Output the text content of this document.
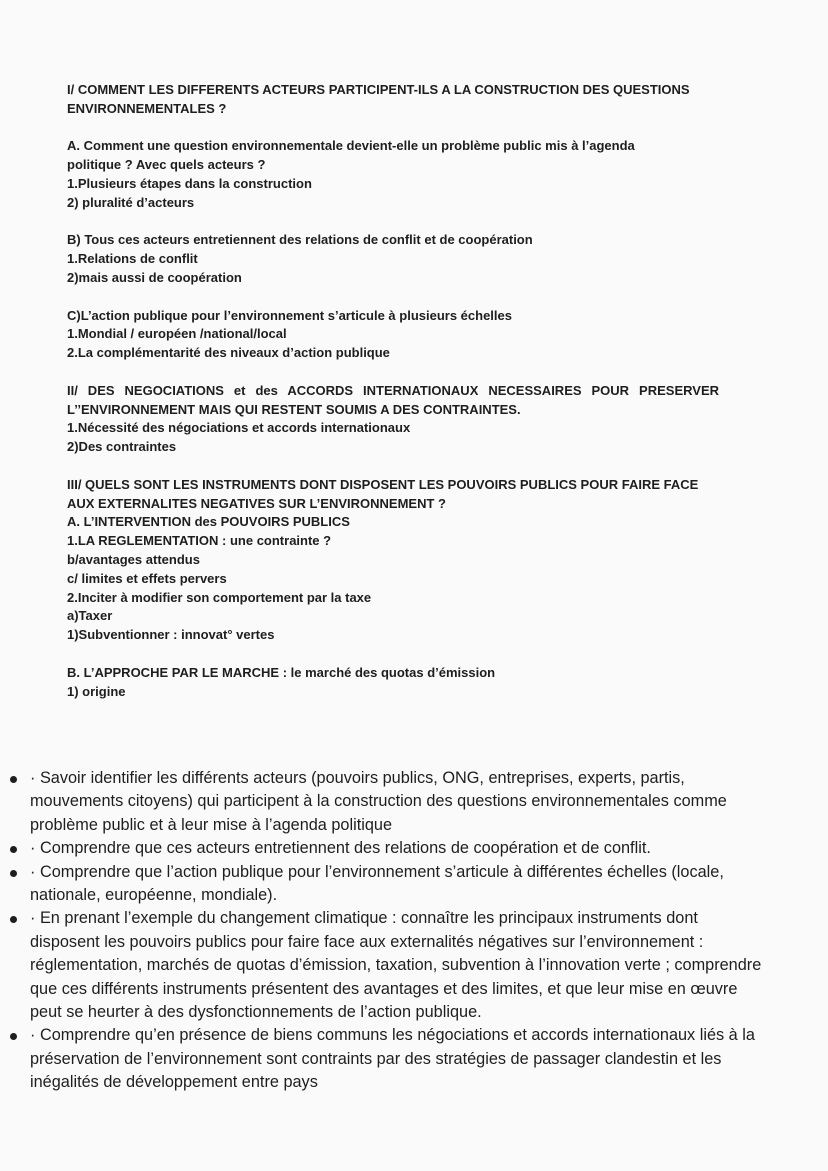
I/ COMMENT LES DIFFERENTS ACTEURS PARTICIPENT-ILS A LA CONSTRUCTION DES QUESTIONS
ENVIRONNEMENTALES ?
A. Comment une question environnementale devient-elle un problème public mis à l’agenda
politique ? Avec quels acteurs ?
1.Plusieurs étapes dans la construction
2) pluralité d’acteurs
B) Tous ces acteurs entretiennent des relations de conflit et de coopération
1.Relations de conflit
2)mais aussi de coopération
C)L’action publique pour l’environnement s’articule à plusieurs échelles
1.Mondial / européen /national/local
2.La complémentarité des niveaux d’action publique
II/ DES NEGOCIATIONS et des ACCORDS INTERNATIONAUX NECESSAIRES POUR PRESERVER
L’’ENVIRONNEMENT MAIS QUI RESTENT SOUMIS A DES CONTRAINTES.
1.Nécessité des négociations et accords internationaux
2)Des contraintes
III/ QUELS SONT LES INSTRUMENTS DONT DISPOSENT LES POUVOIRS PUBLICS POUR FAIRE FACE
AUX EXTERNALITES NEGATIVES SUR L’ENVIRONNEMENT ?
A. L’INTERVENTION des POUVOIRS PUBLICS
1.LA REGLEMENTATION : une contrainte ?
b/avantages attendus
c/ limites et effets pervers
2.Inciter à modifier son comportement par la taxe
a)Taxer
1)Subventionner : innovat° vertes
B. L’APPROCHE PAR LE MARCHE : le marché des quotas d’émission
1) origine
· Savoir identifier les différents acteurs (pouvoirs publics, ONG, entreprises, experts, partis,
mouvements citoyens) qui participent à la construction des questions environnementales comme
problème public et à leur mise à l’agenda politique
· Comprendre que ces acteurs entretiennent des relations de coopération et de conflit.
· Comprendre que l’action publique pour l’environnement s’articule à différentes échelles (locale,
nationale, européenne, mondiale).
· En prenant l’exemple du changement climatique : connaître les principaux instruments dont
disposent les pouvoirs publics pour faire face aux externalités négatives sur l’environnement :
réglementation, marchés de quotas d’émission, taxation, subvention à l’innovation verte ; comprendre
que ces différents instruments présentent des avantages et des limites, et que leur mise en œuvre
peut se heurter à des dysfonctionnements de l’action publique.
· Comprendre qu’en présence de biens communs les négociations et accords internationaux liés à la
préservation de l’environnement sont contraints par des stratégies de passager clandestin et les
inégalités de développement entre pays
